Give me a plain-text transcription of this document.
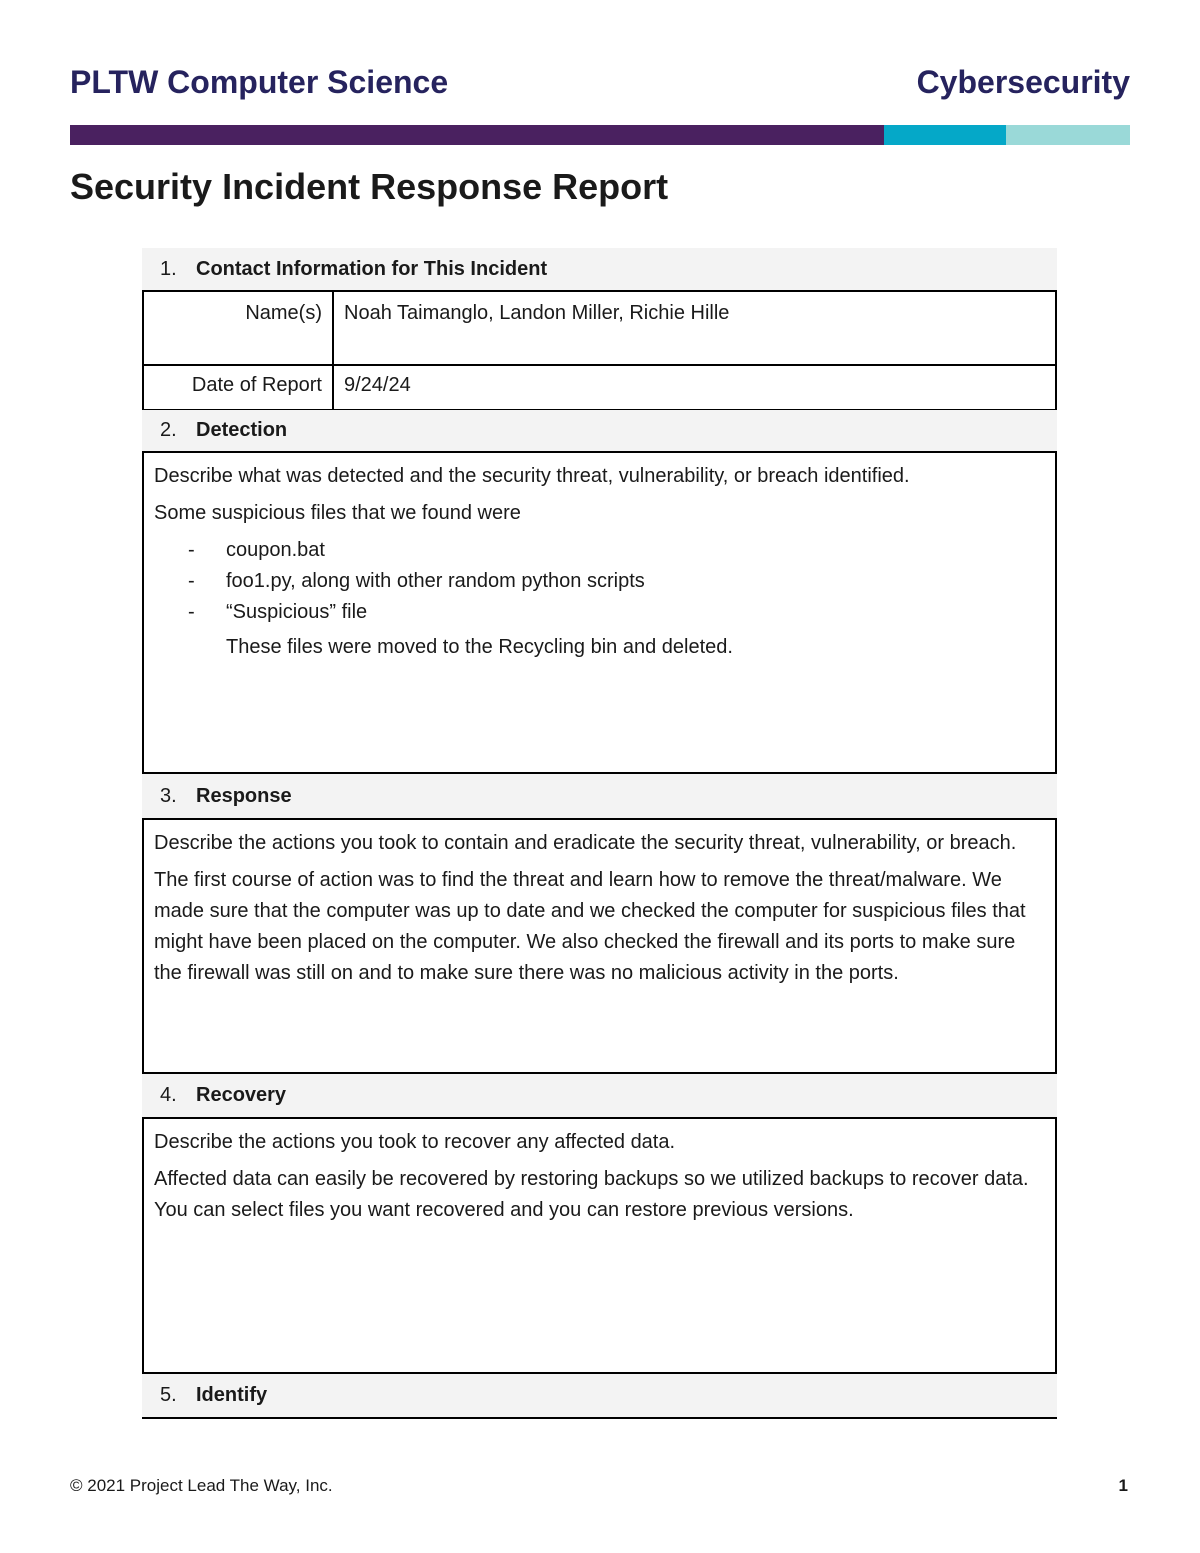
PLTW Computer Science	Cybersecurity
Security Incident Response Report
1. Contact Information for This Incident
Name(s)	Noah Taimanglo, Landon Miller, Richie Hille
Date of Report	9/24/24
2. Detection

Describe what was detected and the security threat, vulnerability, or breach identified.

Some suspicious files that we found were

-	coupon.bat
-	foo1.py, along with other random python scripts
-	“Suspicious” file
These files were moved to the Recycling bin and deleted.
3. Response

Describe the actions you took to contain and eradicate the security threat, vulnerability, or breach.

The first course of action was to find the threat and learn how to remove the threat/malware. We made sure that the computer was up to date and we checked the computer for suspicious files that might have been placed on the computer. We also checked the firewall and its ports to make sure the firewall was still on and to make sure there was no malicious activity in the ports.

4. Recovery

Describe the actions you took to recover any affected data.

Affected data can easily be recovered by restoring backups so we utilized backups to recover data. You can select files you want recovered and you can restore previous versions.

5. Identify
© 2021 Project Lead The Way, Inc.	1
